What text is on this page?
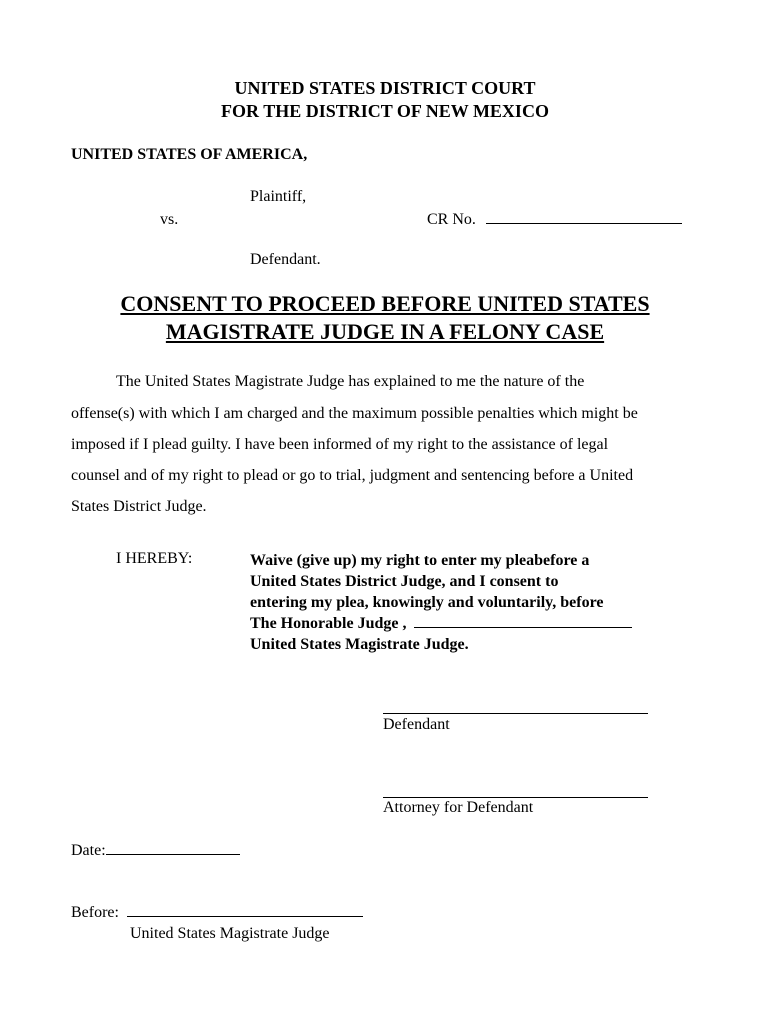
UNITED STATES DISTRICT COURT
FOR THE DISTRICT OF NEW MEXICO
UNITED STATES OF AMERICA,
Plaintiff,
vs.	CR No.
Defendant.
CONSENT TO PROCEED BEFORE UNITED STATES
MAGISTRATE JUDGE IN A FELONY CASE
The United States Magistrate Judge has explained to me the nature of the
offense(s) with which I am charged and the maximum possible penalties which might be
imposed if I plead guilty. I have been informed of my right to the assistance of legal
counsel and of my right to plead or go to trial, judgment and sentencing before a United
States District Judge.
I HEREBY:	Waive (give up) my right to enter my pleabefore a
United States District Judge, and I consent to
entering my plea, knowingly and voluntarily, before
The Honorable Judge ,
United States Magistrate Judge.
Defendant
Attorney for Defendant
Date:
Before:
United States Magistrate Judge
